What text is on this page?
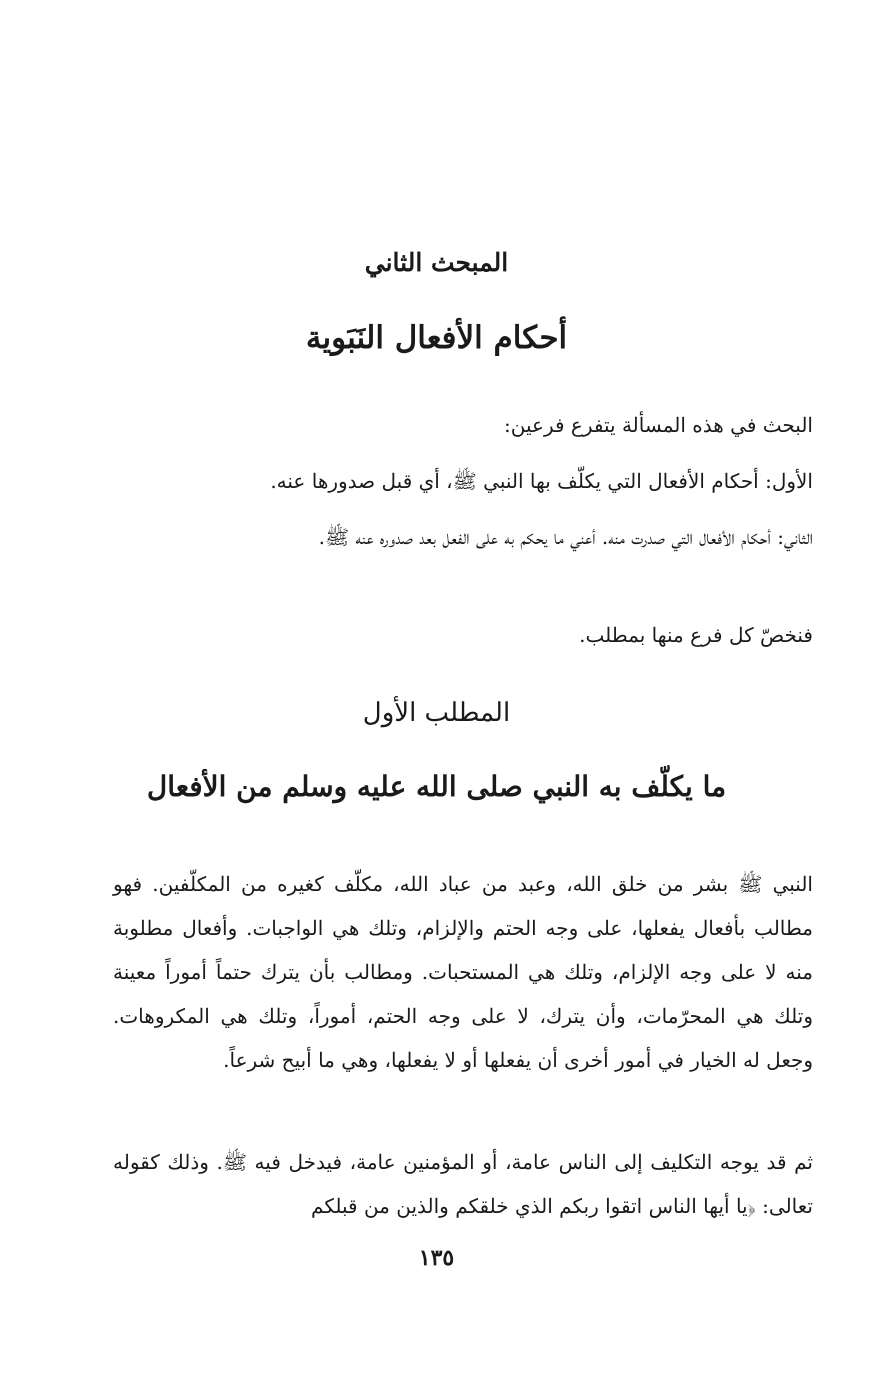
المبحث الثاني
أحكام الأفعال النَبَوية
البحث في هذه المسألة يتفرع فرعين:
الأول: أحكام الأفعال التي يكلّف بها النبي ﷺ، أي قبل صدورها عنه.
الثاني: أحكام الأفعال التي صدرت منه. أعني ما يحكم به على الفعل بعد صدوره عنه ﷺ.
فنخصّ كل فرع منها بمطلب.
المطلب الأول
ما يكلّف به النبي صلى الله عليه وسلم من الأفعال
النبي ﷺ بشر من خلق الله، وعبد من عباد الله، مكلّف كغيره من المكلّفين. فهو مطالب بأفعال يفعلها، على وجه الحتم والإلزام، وتلك هي الواجبات. وأفعال مطلوبة منه لا على وجه الإلزام، وتلك هي المستحبات. ومطالب بأن يترك حتماً أموراً معينة وتلك هي المحرّمات، وأن يترك، لا على وجه الحتم، أموراً، وتلك هي المكروهات. وجعل له الخيار في أمور أخرى أن يفعلها أو لا يفعلها، وهي ما أبيح شرعاً.
ثم قد يوجه التكليف إلى الناس عامة، أو المؤمنين عامة، فيدخل فيه ﷺ. وذلك كقوله تعالى: ﴿يا أيها الناس اتقوا ربكم الذي خلقكم والذين من قبلكم
١٣٥
